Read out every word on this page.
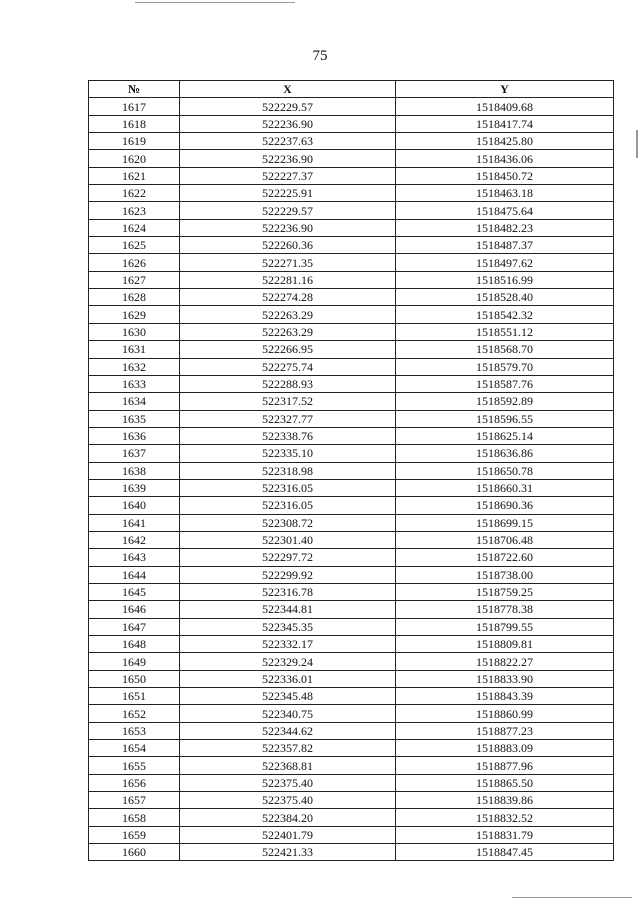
75
№	X	Y
1617	522229.57	1518409.68
1618	522236.90	1518417.74
1619	522237.63	1518425.80
1620	522236.90	1518436.06
1621	522227.37	1518450.72
1622	522225.91	1518463.18
1623	522229.57	1518475.64
1624	522236.90	1518482.23
1625	522260.36	1518487.37
1626	522271.35	1518497.62
1627	522281.16	1518516.99
1628	522274.28	1518528.40
1629	522263.29	1518542.32
1630	522263.29	1518551.12
1631	522266.95	1518568.70
1632	522275.74	1518579.70
1633	522288.93	1518587.76
1634	522317.52	1518592.89
1635	522327.77	1518596.55
1636	522338.76	1518625.14
1637	522335.10	1518636.86
1638	522318.98	1518650.78
1639	522316.05	1518660.31
1640	522316.05	1518690.36
1641	522308.72	1518699.15
1642	522301.40	1518706.48
1643	522297.72	1518722.60
1644	522299.92	1518738.00
1645	522316.78	1518759.25
1646	522344.81	1518778.38
1647	522345.35	1518799.55
1648	522332.17	1518809.81
1649	522329.24	1518822.27
1650	522336.01	1518833.90
1651	522345.48	1518843.39
1652	522340.75	1518860.99
1653	522344.62	1518877.23
1654	522357.82	1518883.09
1655	522368.81	1518877.96
1656	522375.40	1518865.50
1657	522375.40	1518839.86
1658	522384.20	1518832.52
1659	522401.79	1518831.79
1660	522421.33	1518847.45
